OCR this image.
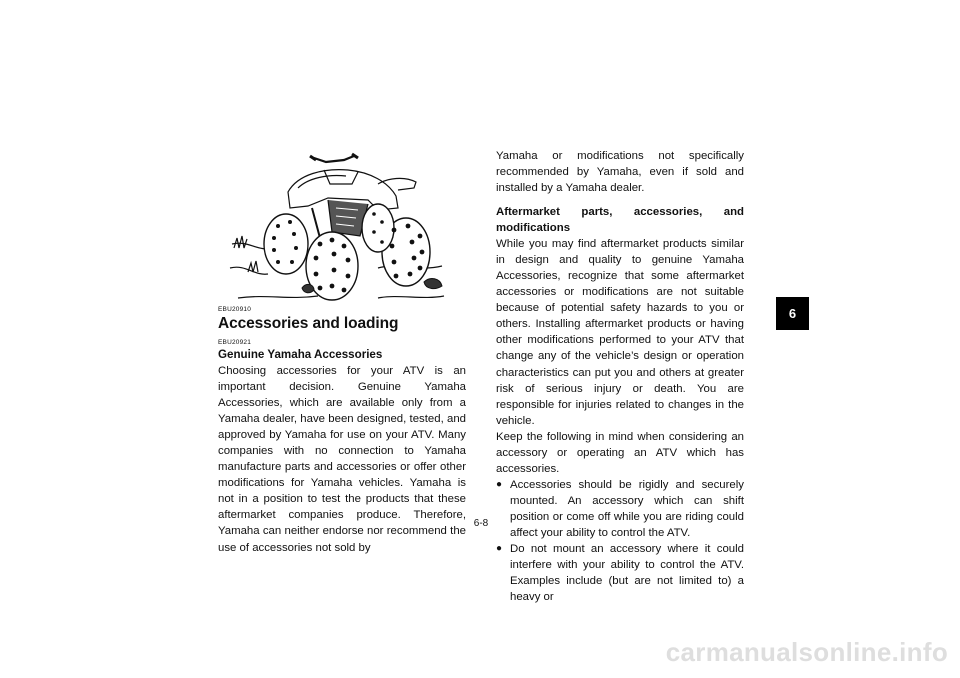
EBU20910
Accessories and loading
EBU20921
Genuine Yamaha Accessories

Choosing accessories for your ATV is an important decision. Genuine Yamaha Accessories, which are available only from a Yamaha dealer, have been designed, tested, and approved by Yamaha for use on your ATV. Many companies with no connection to Yamaha manufacture parts and accessories or offer other modifications for Yamaha vehicles. Yamaha is not in a position to test the products that these aftermarket companies produce. Therefore, Yamaha can neither endorse nor recommend the use of accessories not sold by

Yamaha or modifications not specifically recommended by Yamaha, even if sold and installed by a Yamaha dealer.

Aftermarket parts, accessories, and modifications

While you may find aftermarket products similar in design and quality to genuine Yamaha Accessories, recognize that some aftermarket accessories or modifications are not suitable because of potential safety hazards to you or others. Installing aftermarket products or having other modifications performed to your ATV that change any of the vehicle’s design or operation characteristics can put you and others at greater risk of serious injury or death. You are responsible for injuries related to changes in the vehicle.

Keep the following in mind when considering an accessory or operating an ATV which has accessories.

● Accessories should be rigidly and securely mounted. An accessory which can shift position or come off while you are riding could affect your ability to control the ATV.
● Do not mount an accessory where it could interfere with your ability to control the ATV. Examples include (but are not limited to) a heavy or
6-8
6
carmanualsonline.info
